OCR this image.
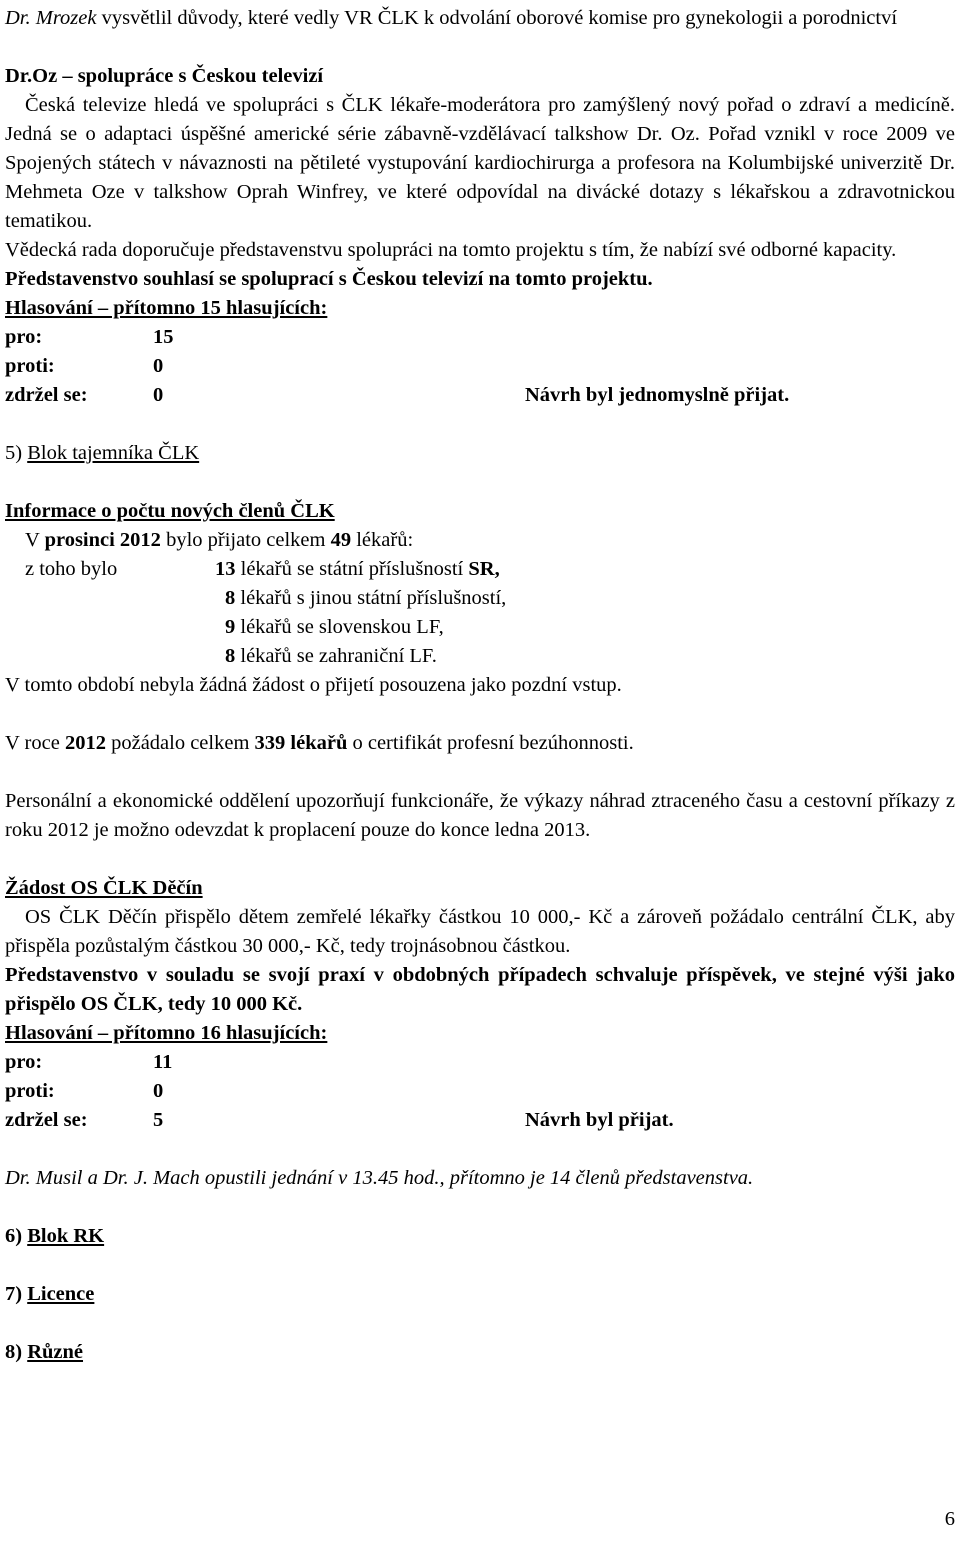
Dr. Mrozek vysvětlil důvody, které vedly VR ČLK k odvolání oborové komise pro gynekologii a porodnictví

Dr.Oz – spolupráce s Českou televizí

Česká televize hledá ve spolupráci s ČLK lékaře-moderátora pro zamýšlený nový pořad o zdraví a medicíně. Jedná se o adaptaci úspěšné americké série zábavně-vzdělávací talkshow Dr. Oz. Pořad vznikl v roce 2009 ve Spojených státech v návaznosti na pětileté vystupování kardiochirurga a profesora na Kolumbijské univerzitě Dr. Mehmeta Oze v talkshow Oprah Winfrey, ve které odpovídal na divácké dotazy s lékařskou a zdravotnickou tematikou.

Vědecká rada doporučuje představenstvu spolupráci na tomto projektu s tím, že nabízí své odborné kapacity.

Představenstvo souhlasí se spoluprací s Českou televizí na tomto projektu.

Hlasování – přítomno 15 hlasujících:

pro:	15
proti:	0
zdržel se:	0	Návrh byl jednomyslně přijat.

5) Blok tajemníka ČLK

Informace o počtu nových členů ČLK

V prosinci 2012 bylo přijato celkem 49 lékařů:

z toho bylo	13 lékařů se státní příslušností SR,
8 lékařů s jinou státní příslušností,
9 lékařů se slovenskou LF,
8 lékařů se zahraniční LF.

V tomto období nebyla žádná žádost o přijetí posouzena jako pozdní vstup.

V roce 2012 požádalo celkem 339 lékařů o certifikát profesní bezúhonnosti.

Personální a ekonomické oddělení upozorňují funkcionáře, že výkazy náhrad ztraceného času a cestovní příkazy z roku 2012 je možno odevzdat k proplacení pouze do konce ledna 2013.

Žádost OS ČLK Děčín

OS ČLK Děčín přispělo dětem zemřelé lékařky částkou 10 000,- Kč a zároveň požádalo centrální ČLK, aby přispěla pozůstalým částkou 30 000,- Kč, tedy trojnásobnou částkou.

Představenstvo v souladu se svojí praxí v obdobných případech schvaluje příspěvek, ve stejné výši jako přispělo OS ČLK, tedy 10 000 Kč.

Hlasování – přítomno 16 hlasujících:

pro:	11
proti:	0
zdržel se:	5	Návrh byl přijat.

Dr. Musil a Dr. J. Mach opustili jednání v 13.45 hod., přítomno je 14 členů představenstva.

6) Blok RK

7) Licence

8) Různé

6
